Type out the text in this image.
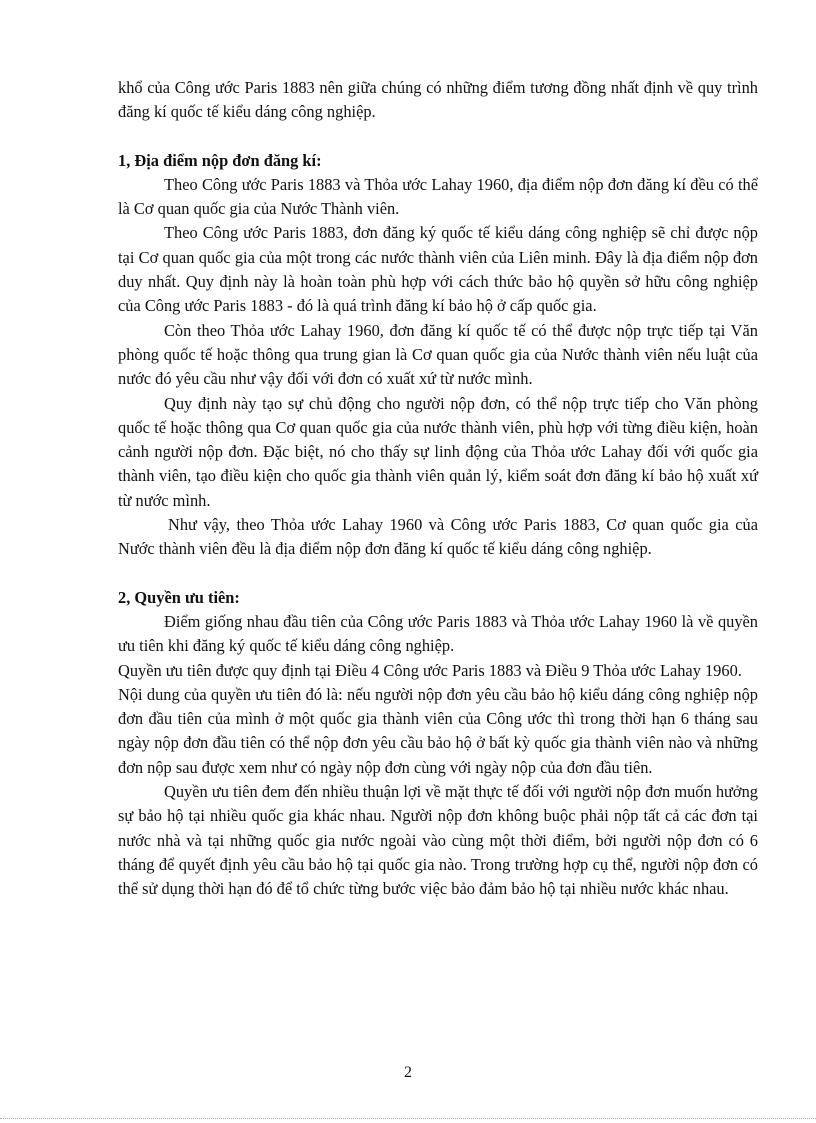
khổ của Công ước Paris 1883 nên giữa chúng có những điểm tương đồng nhất định về quy trình đăng kí quốc tế kiểu dáng công nghiệp.

1, Địa điểm nộp đơn đăng kí:

Theo Công ước Paris 1883 và Thỏa ước Lahay 1960, địa điểm nộp đơn đăng kí đều có thể là Cơ quan quốc gia của Nước Thành viên.

Theo Công ước Paris 1883, đơn đăng ký quốc tế kiểu dáng công nghiệp sẽ chỉ được nộp tại Cơ quan quốc gia của một trong các nước thành viên của Liên minh. Đây là địa điểm nộp đơn duy nhất. Quy định này là hoàn toàn phù hợp với cách thức bảo hộ quyền sở hữu công nghiệp của Công ước Paris 1883 - đó là quá trình đăng kí bảo hộ ở cấp quốc gia.

Còn theo Thỏa ước Lahay 1960, đơn đăng kí quốc tế có thể được nộp trực tiếp tại Văn phòng quốc tế hoặc thông qua trung gian là Cơ quan quốc gia của Nước thành viên nếu luật của nước đó yêu cầu như vậy đối với đơn có xuất xứ từ nước mình.

Quy định này tạo sự chủ động cho người nộp đơn, có thể nộp trực tiếp cho Văn phòng quốc tế hoặc thông qua Cơ quan quốc gia của nước thành viên, phù hợp với từng điều kiện, hoàn cảnh người nộp đơn. Đặc biệt, nó cho thấy sự linh động của Thỏa ước Lahay đối với quốc gia thành viên, tạo điều kiện cho quốc gia thành viên quản lý, kiểm soát đơn đăng kí bảo hộ xuất xứ từ nước mình.

Như vậy, theo Thỏa ước Lahay 1960 và Công ước Paris 1883, Cơ quan quốc gia của Nước thành viên đều là địa điểm nộp đơn đăng kí quốc tế kiểu dáng công nghiệp.

2, Quyền ưu tiên:

Điểm giống nhau đầu tiên của Công ước Paris 1883 và Thỏa ước Lahay 1960 là về quyền ưu tiên khi đăng ký quốc tế kiểu dáng công nghiệp.

Quyền ưu tiên được quy định tại Điều 4 Công ước Paris 1883 và Điều 9 Thỏa ước Lahay 1960.

Nội dung của quyền ưu tiên đó là: nếu người nộp đơn yêu cầu bảo hộ kiểu dáng công nghiệp nộp đơn đầu tiên của mình ở một quốc gia thành viên của Công ước thì trong thời hạn 6 tháng sau ngày nộp đơn đầu tiên có thể nộp đơn yêu cầu bảo hộ ở bất kỳ quốc gia thành viên nào và những đơn nộp sau được xem như có ngày nộp đơn cùng với ngày nộp của đơn đầu tiên.

Quyền ưu tiên đem đến nhiều thuận lợi về mặt thực tế đối với người nộp đơn muốn hưởng sự bảo hộ tại nhiều quốc gia khác nhau. Người nộp đơn không buộc phải nộp tất cả các đơn tại nước nhà và tại những quốc gia nước ngoài vào cùng một thời điểm, bởi người nộp đơn có 6 tháng để quyết định yêu cầu bảo hộ tại quốc gia nào. Trong trường hợp cụ thể, người nộp đơn có thể sử dụng thời hạn đó để tổ chức từng bước việc bảo đảm bảo hộ tại nhiều nước khác nhau.

2
